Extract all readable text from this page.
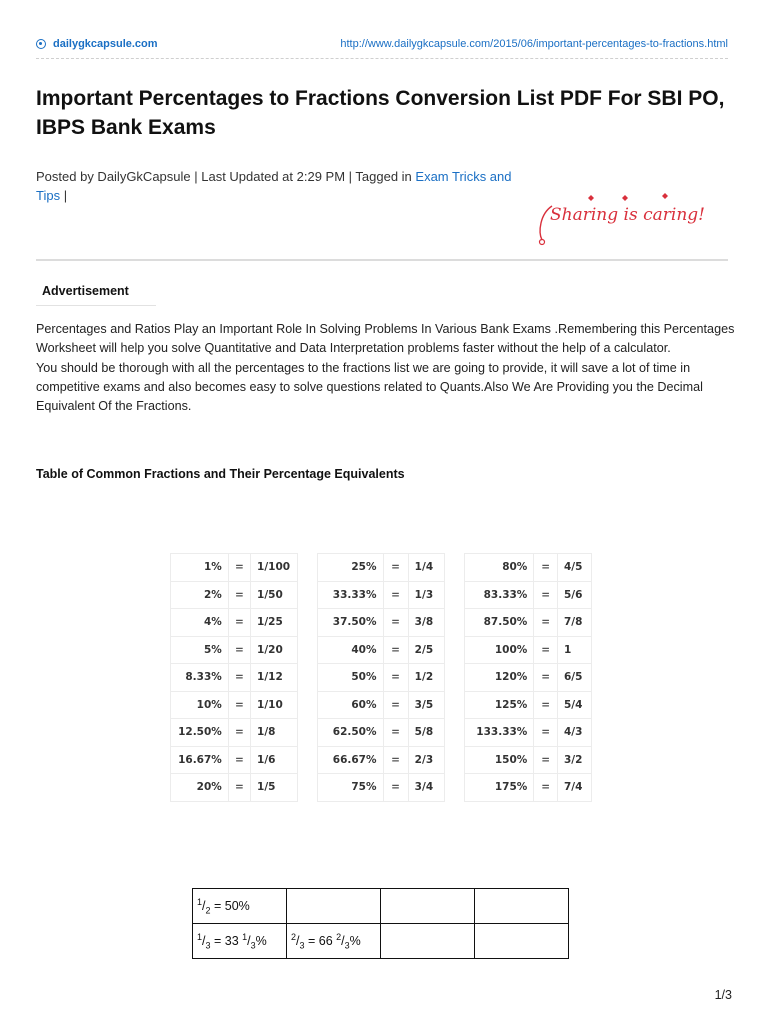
dailygkcapsule.com	http://www.dailygkcapsule.com/2015/06/important-percentages-to-fractions.html
Important Percentages to Fractions Conversion List PDF For SBI PO, IBPS Bank Exams
Posted by DailyGkCapsule | Last Updated at 2:29 PM | Tagged in Exam Tricks and Tips |
Sharing is caring!
Advertisement

Percentages and Ratios Play an Important Role In Solving Problems In Various Bank Exams .Remembering this Percentages Worksheet will help you solve Quantitative and Data Interpretation problems faster without the help of a calculator.

You should be thorough with all the percentages to the fractions list we are going to provide, it will save a lot of time in competitive exams and also becomes easy to solve questions related to Quants.Also We Are Providing you the Decimal Equivalent Of the Fractions.

Table of Common Fractions and Their Percentage Equivalents
1%	=	1/100
2%	=	1/50
4%	=	1/25
5%	=	1/20
8.33%	=	1/12
10%	=	1/10
12.50%	=	1/8
16.67%	=	1/6
20%	=	1/5
25%	=	1/4
33.33%	=	1/3
37.50%	=	3/8
40%	=	2/5
50%	=	1/2
60%	=	3/5
62.50%	=	5/8
66.67%	=	2/3
75%	=	3/4
80%	=	4/5
83.33%	=	5/6
87.50%	=	7/8
100%	=	1
120%	=	6/5
125%	=	5/4
133.33%	=	4/3
150%	=	3/2
175%	=	7/4
$^1/_2 = 50\%$			
$^1/_3 = 33$ $^1/_3\%$	$^2/_3 = 66$ $^2/_3\%$		
1/3
